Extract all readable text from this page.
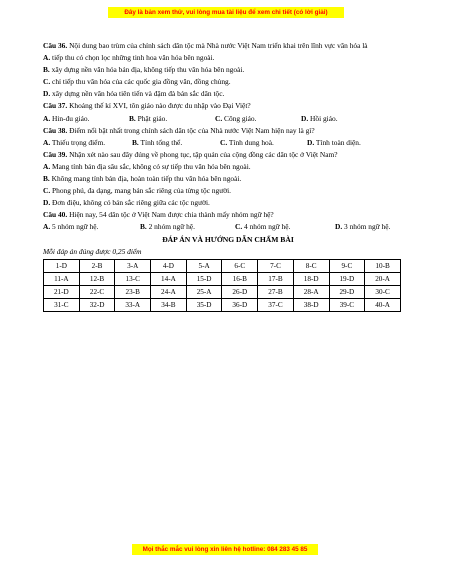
Đây là bản xem thử, vui lòng mua tài liệu để xem chi tiết (có lời giải)
Câu 36. Nội dung bao trùm của chính sách dân tộc mà Nhà nước Việt Nam triển khai trên lĩnh vực văn hóa là
A. tiếp thu có chọn lọc những tinh hoa văn hóa bên ngoài.
B. xây dựng nền văn hóa bản địa, không tiếp thu văn hóa bên ngoài.
C. chỉ tiếp thu văn hóa của các quốc gia đồng văn, đồng chủng.
D. xây dựng nền văn hóa tiên tiến và đậm đà bản sắc dân tộc.
Câu 37. Khoảng thế kỉ XVI, tôn giáo nào được du nhập vào Đại Việt?
A. Hin-đu giáo.	B. Phật giáo.	C. Công giáo.	D. Hồi giáo.
Câu 38. Điểm nổi bật nhất trong chính sách dân tộc của Nhà nước Việt Nam hiện nay là gì?
A. Thiếu trọng điểm.	B. Tính tổng thể.	C. Tính dung hoà.	D. Tính toàn diện.
Câu 39. Nhận xét nào sau đây đúng về phong tục, tập quán của cộng đồng các dân tộc ở Việt Nam?
A. Mang tính bản địa sâu sắc, không có sự tiếp thu văn hóa bên ngoài.
B. Không mang tính bản địa, hoàn toàn tiếp thu văn hóa bên ngoài.
C. Phong phú, đa dạng, mang bản sắc riêng của từng tộc người.
D. Đơn điệu, không có bản sắc riêng giữa các tộc người.
Câu 40. Hiện nay, 54 dân tộc ở Việt Nam được chia thành mấy nhóm ngữ hệ?
A. 5 nhóm ngữ hệ.	B. 2 nhóm ngữ hệ.	C. 4 nhóm ngữ hệ.	D. 3 nhóm ngữ hệ.
ĐÁP ÁN VÀ HƯỚNG DẪN CHẤM BÀI
Mỗi đáp án đúng được 0,25 điểm
1-D	2-B	3-A	4-D	5-A	6-C	7-C	8-C	9-C	10-B
11-A	12-B	13-C	14-A	15-D	16-B	17-B	18-D	19-D	20-A
21-D	22-C	23-B	24-A	25-A	26-D	27-B	28-A	29-D	30-C
31-C	32-D	33-A	34-B	35-D	36-D	37-C	38-D	39-C	40-A
Mọi thắc mắc vui lòng xin liên hệ hotline: 084 283 45 85
